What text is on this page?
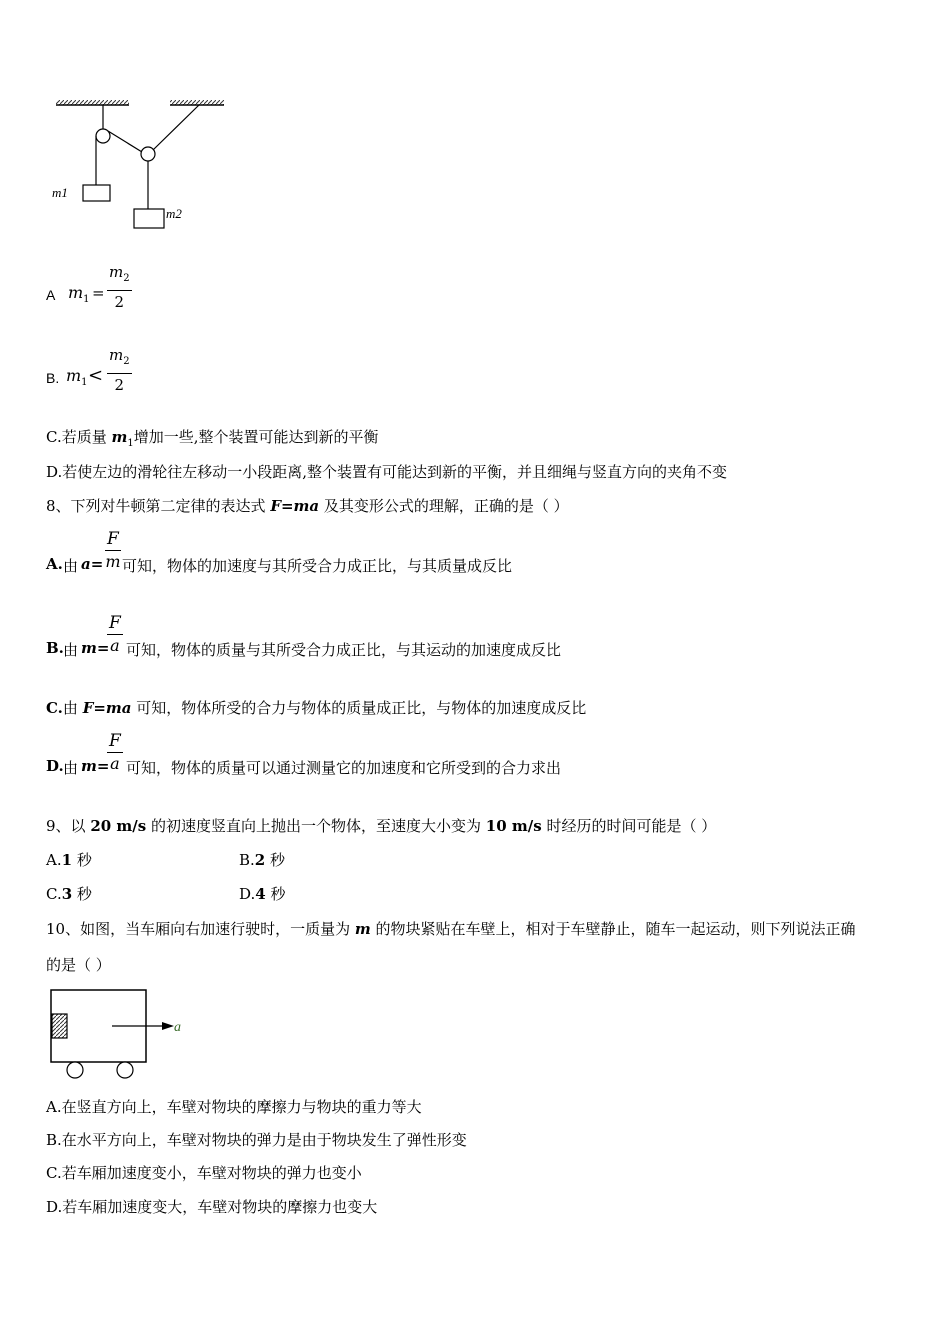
m1
m2
A $m_1 = \frac{m_2}{2}$
B. $m_1 < \frac{m_2}{2}$
C.若质量 $m_1$增加一些,整个装置可能达到新的平衡
D.若使左边的滑轮往左移动一小段距离,整个装置有可能达到新的平衡，并且细绳与竖直方向的夹角不变
8、下列对牛顿第二定律的表达式 F=ma 及其变形公式的理解，正确的是（ ）
A. 由 $a= \frac{F}{m}$ 可知，物体的加速度与其所受合力成正比，与其质量成反比
B. 由 m=
$\frac{F}{a}$ 可知，物体的质量与其所受合力成正比，与其运动的加速度成反比
C.由 F=ma 可知，物体所受的合力与物体的质量成正比，与物体的加速度成反比
D. 由 m=
$\frac{F}{a}$ 可知，物体的质量可以通过测量它的加速度和它所受到的合力求出
9、以 20 m/s 的初速度竖直向上抛出一个物体，至速度大小变为 10 m/s 时经历的时间可能是（ ）
A.1 秒	B.2 秒
C.3 秒	D.4 秒
10、如图，当车厢向右加速行驶时，一质量为 m 的物块紧贴在车壁上，相对于车壁静止，随车一起运动，则下列说法正确
的是（ ）
a
A.在竖直方向上，车壁对物块的摩擦力与物块的重力等大
B.在水平方向上，车壁对物块的弹力是由于物块发生了弹性形变
C.若车厢加速度变小，车壁对物块的弹力也变小
D.若车厢加速度变大，车壁对物块的摩擦力也变大
